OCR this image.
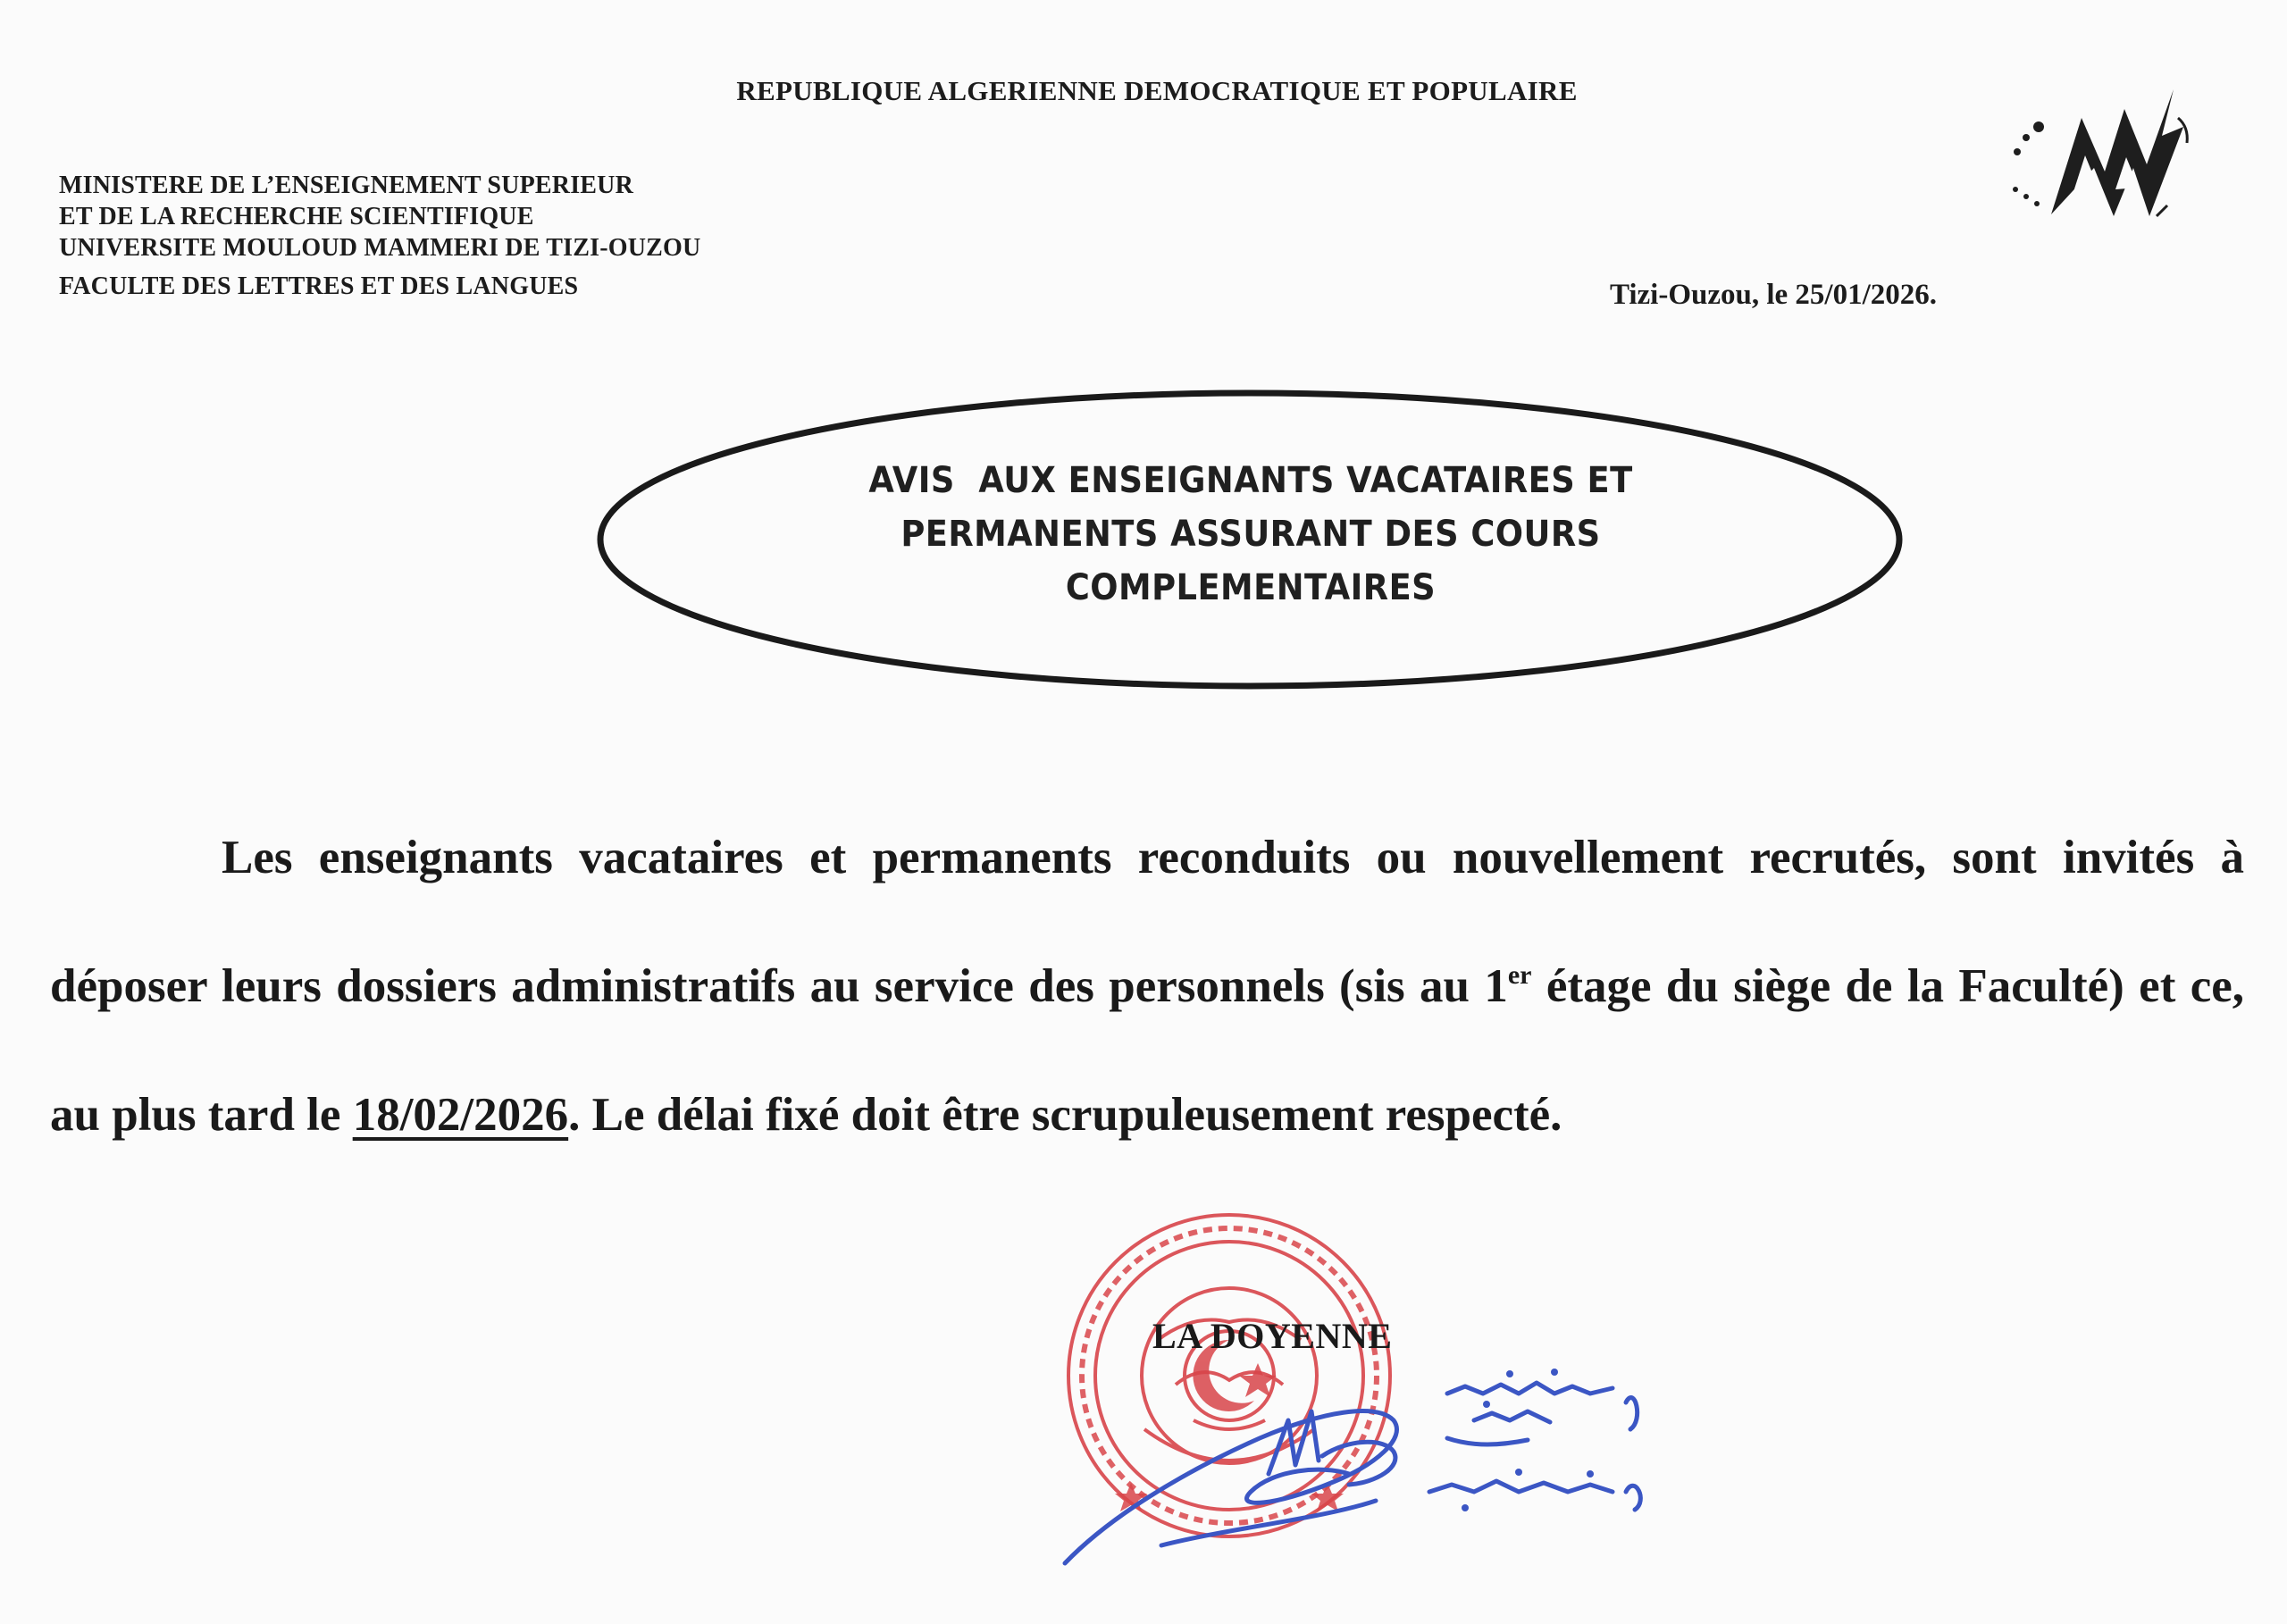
REPUBLIQUE ALGERIENNE DEMOCRATIQUE ET POPULAIRE
MINISTERE DE L’ENSEIGNEMENT SUPERIEUR
ET DE LA RECHERCHE SCIENTIFIQUE
UNIVERSITE MOULOUD MAMMERI DE TIZI-OUZOU
FACULTE DES LETTRES ET DES LANGUES	Tizi-Ouzou, le 25/01/2026.
AVIS  AUX ENSEIGNANTS VACATAIRES ET
PERMANENTS ASSURANT DES COURS
COMPLEMENTAIRES
Les enseignants vacataires et permanents reconduits ou nouvellement recrutés, sont invités à déposer leurs dossiers administratifs au service des personnels (sis au 1er étage du siège de la Faculté) et ce, au plus tard le 18/02/2026. Le délai fixé doit être scrupuleusement respecté.
LA DOYENNE
